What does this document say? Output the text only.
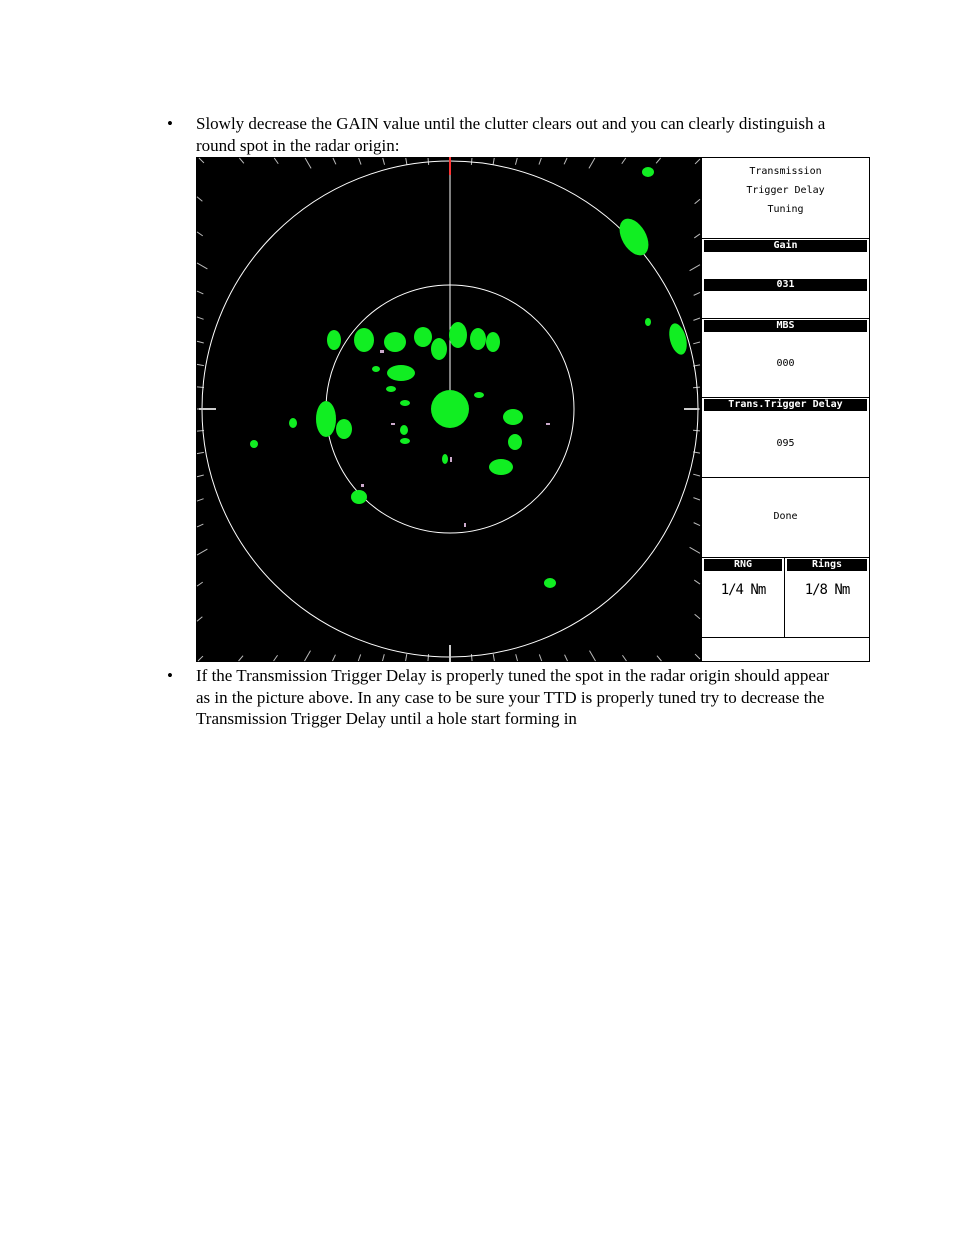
• Slowly decrease the GAIN value until the clutter clears out and you can clearly distinguish a round spot in the radar origin:
Transmission
Trigger Delay
Tuning
Gain
031
MBS
000
Trans.Trigger Delay
095
Done
RNG	Rings
1/4 Nm	1/8 Nm
• If the Transmission Trigger Delay is properly tuned the spot in the radar origin should appear as in the picture above. In any case to be sure your TTD is properly tuned try to decrease the Transmission Trigger Delay until a hole start forming in
